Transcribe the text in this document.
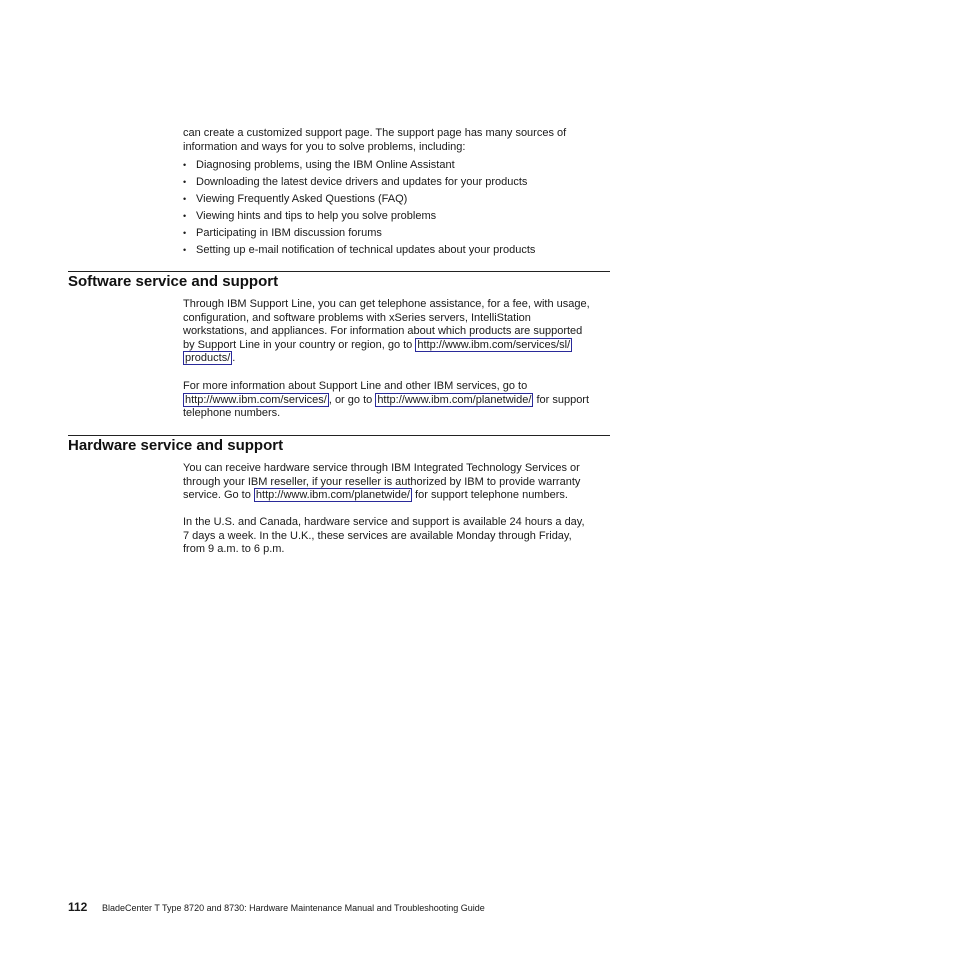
can create a customized support page. The support page has many sources of

information and ways for you to solve problems, including:

• Diagnosing problems, using the IBM Online Assistant
• Downloading the latest device drivers and updates for your products
• Viewing Frequently Asked Questions (FAQ)
• Viewing hints and tips to help you solve problems
• Participating in IBM discussion forums
• Setting up e-mail notification of technical updates about your products
Software service and support
Through IBM Support Line, you can get telephone assistance, for a fee, with usage,
configuration, and software problems with xSeries servers, IntelliStation
workstations, and appliances. For information about which products are supported
by Support Line in your country or region, go to http://www.ibm.com/services/sl/
products/ .
For more information about Support Line and other IBM services, go to
http://www.ibm.com/services/ , or go to http://www.ibm.com/planetwide/ for support
telephone numbers.
Hardware service and support
You can receive hardware service through IBM Integrated Technology Services or
through your IBM reseller, if your reseller is authorized by IBM to provide warranty
service. Go to http://www.ibm.com/planetwide/ for support telephone numbers.
In the U.S. and Canada, hardware service and support is available 24 hours a day,
7 days a week. In the U.K., these services are available Monday through Friday,
from 9 a.m. to 6 p.m.
112 BladeCenter T Type 8720 and 8730: Hardware Maintenance Manual and Troubleshooting Guide
